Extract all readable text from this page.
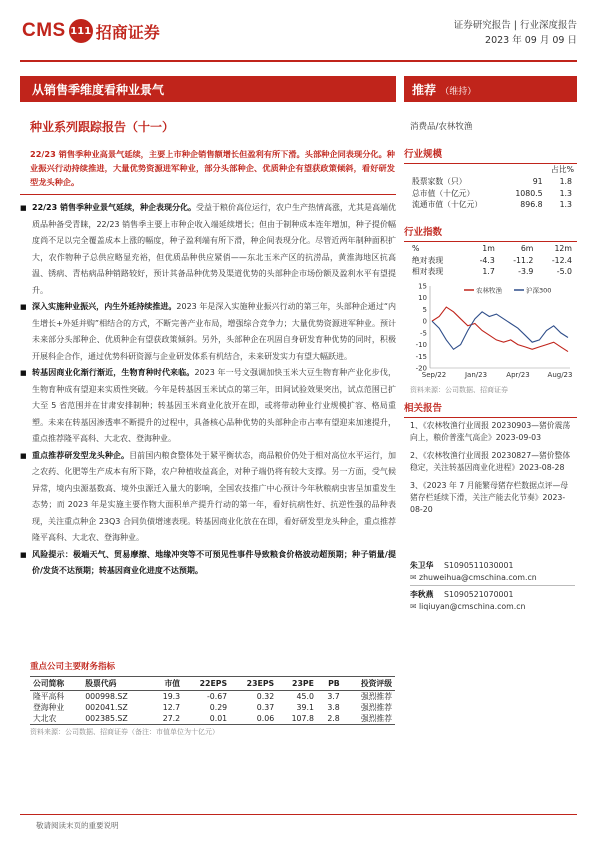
CMS 111 招商证券	证券研究报告 | 行业深度报告
2023 年 09 月 09 日
从销售季维度看种业景气
种业系列跟踪报告（十一）
推荐 （维持）
消费品/农林牧渔
22/23 销售季种业高景气延续，主要上市种企销售额增长但盈利有所下滑。头部种企同表现分化。种业振兴行动持续推进，大量优势资源进军种业，部分头部种企、优质种企有望获政策倾斜，看好研发型龙头种企。
■ 22/23 销售季种业景气延续，种企表现分化。受益于粮价高位运行，农户生产热情高涨，尤其是高端优质品种备受青睐，22/23 销售季主要上市种企收入端延续增长；但由于制种成本连年增加，种子提价幅度尚不足以完全覆盖成本上涨的幅度，种子盈利端有所下滑，种企间表现分化。尽管近两年制种面积扩大，农作物种子总供应略显充裕，但优质品种供应紧俏——东北玉米产区的抗涝品，黄淮海地区抗高温、锈病、青枯病品种销路较好，预计其备品种优势及渠道优势的头部种企市场份额及盈利水平有望提升。
■ 深入实施种业振兴，内生外延持续推进。2023 年是深入实施种业振兴行动的第三年，头部种企通过“内生增长+外延并购”相结合的方式，不断完善产业布局，增强综合竞争力；大量优势资源进军种业。预计未来部分头部种企、优质种企有望获政策倾斜。另外，头部种企在巩固自身研发育种优势的同时，积极开展科企合作，通过优势科研资源与企业研发体系有机结合，未来研发实力有望大幅跃进。
■ 转基因商业化渐行渐近，生物育种时代来临。2023 年一号文强调加快玉米大豆生物育种产业化步伐，生物育种成有望迎来实质性突破。今年是转基因玉米试点的第三年，田间试验效果突出，试点范围已扩大至 5 省范围并在甘肃安排制种；转基因玉米商业化放开在即，或将带动种业行业规模扩容、格局重塑。未来在转基因渗透率不断提升的过程中，具备核心品种优势的头部种企市占率有望迎来加速提升，重点推荐隆平高科、大北农、登海种业。
■ 重点推荐研发型龙头种企。目前国内粮食整体处于紧平衡状态，商品粮价仍处于相对高位水平运行，加之农药、化肥等生产成本有所下降，农户种植收益高企，对种子端仍将有较大支撑。另一方面，受气候异常，境内虫源基数高、境外虫源迁入量大的影响，全国农技推广中心预计今年秋粮病虫害呈加重发生态势；而 2023 年是实施主要作物大面积单产提升行动的第一年，看好抗病性好、抗逆性强的品种表现，关注重点种企 23Q3 合同负债增速表现。转基因商业化放在在即，看好研发型龙头种企，重点推荐隆平高科、大北农、登海种业。
■ 风险提示：极端天气、贸易摩擦、地缘冲突等不可预见性事件导致粮食价格波动超预期；种子销量/提价/发货不达预期；转基因商业化进度不达预期。
重点公司主要财务指标
公司简称	股票代码	市值	22EPS	23EPS	23PE	PB	投资评级
隆平高科	000998.SZ	19.3	-0.67	0.32	45.0	3.7	强烈推荐
登海种业	002041.SZ	12.7	0.29	0.37	39.1	3.8	强烈推荐
大北农	002385.SZ	27.2	0.01	0.06	107.8	2.8	强烈推荐
资料来源：公司数据、招商证券（备注：市值单位为十亿元）
行业规模
		占比%
股票家数（只）	91	1.8
总市值（十亿元）	1080.5	1.3
流通市值（十亿元）	896.8	1.3
行业指数
%	1m	6m	12m
绝对表现	-4.3	-11.2	-12.4
相对表现	1.7	-3.9	-5.0
15
10
5
0
-5
-10
-15
-20
Sep/22	Jan/23	Apr/23	Aug/23
农林牧渔	沪深300
资料来源：公司数据、招商证券
相关报告
1、《农林牧渔行业周报 20230903—猪价震荡向上，粮价普涨气高企》2023-09-03
2、《农林牧渔行业周报 20230827—猪价整体稳定，关注转基因商业化进程》2023-08-28
3、《2023 年 7 月能繁母猪存栏数据点评—母猪存栏延续下滑，关注产能去化节奏》2023-08-20
朱卫华 S1090511030001
✉ zhuweihua@cmschina.com.cn
李秋燕 S1090521070001
✉ liqiuyan@cmschina.com.cn
敬请阅读末页的重要说明
